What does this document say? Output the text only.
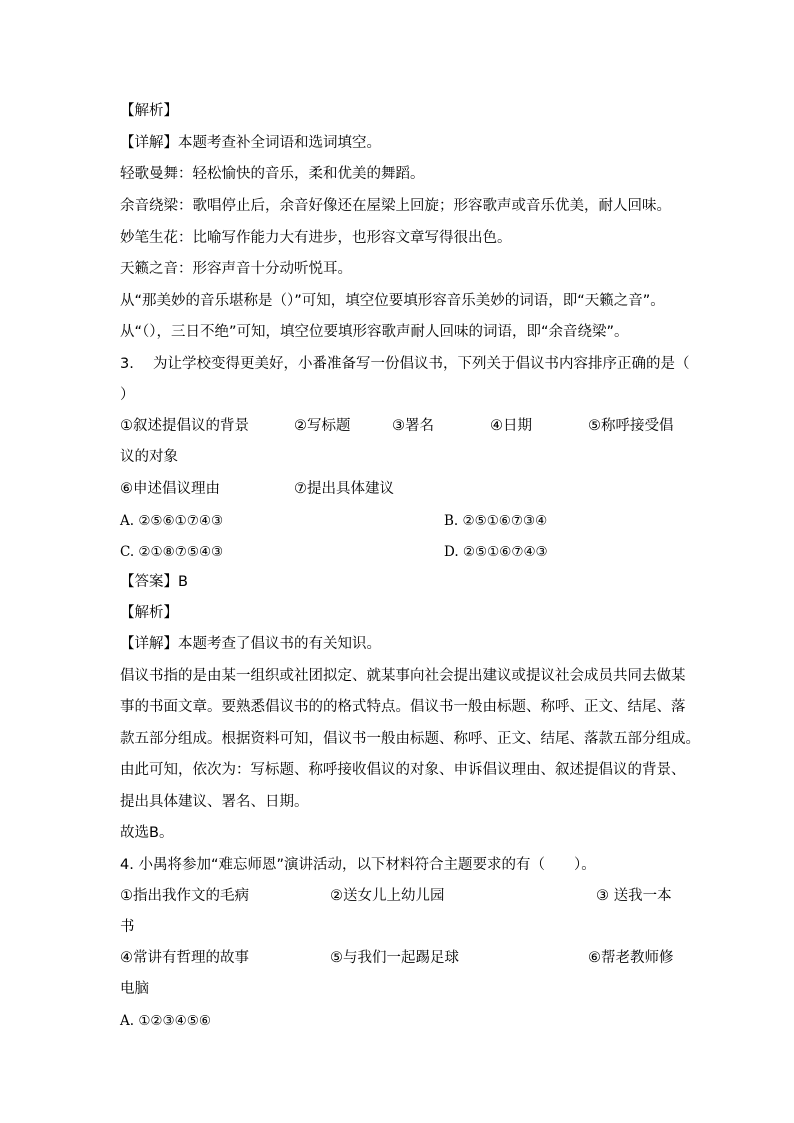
【解析】
【详解】本题考查补全词语和选词填空。
轻歌曼舞：轻松愉快的音乐，柔和优美的舞蹈。
余音绕梁：歌唱停止后，余音好像还在屋梁上回旋；形容歌声或音乐优美，耐人回味。
妙笔生花：比喻写作能力大有进步，也形容文章写得很出色。
天籁之音：形容声音十分动听悦耳。
从“那美妙的音乐堪称是（）”可知，填空位要填形容音乐美妙的词语，即“天籁之音”。
从“（），三日不绝”可知，填空位要填形容歌声耐人回味的词语，即“余音绕梁”。
3.　 为让学校变得更美好，小番准备写一份倡议书，下列关于倡议书内容排序正确的是（
）
①叙述提倡议的背景	②写标题	③署名	④日期	⑤称呼接受倡
议的对象
⑥申述倡议理由	⑦提出具体建议
A. ②⑤⑥①⑦④③	B. ②⑤①⑥⑦③④
C. ②①⑧⑦⑤④③	D. ②⑤①⑥⑦④③
【答案】B
【解析】
【详解】本题考查了倡议书的有关知识。
倡议书指的是由某一组织或社团拟定、就某事向社会提出建议或提议社会成员共同去做某
事的书面文章。要熟悉倡议书的的格式特点。倡议书一般由标题、称呼、正文、结尾、落
款五部分组成。根据资料可知，倡议书一般由标题、称呼、正文、结尾、落款五部分组成。
由此可知，依次为：写标题、称呼接收倡议的对象、申诉倡议理由、叙述提倡议的背景、
提出具体建议、署名、日期。
故选B。
4. 小禺将参加“难忘师恩”演讲活动，以下材料符合主题要求的有（　　）。
①指出我作文的毛病	②送女儿上幼儿园	③ 送我一本
书
④常讲有哲理的故事	⑤与我们一起踢足球	⑥帮老教师修
电脑
A. ①②③④⑤⑥
